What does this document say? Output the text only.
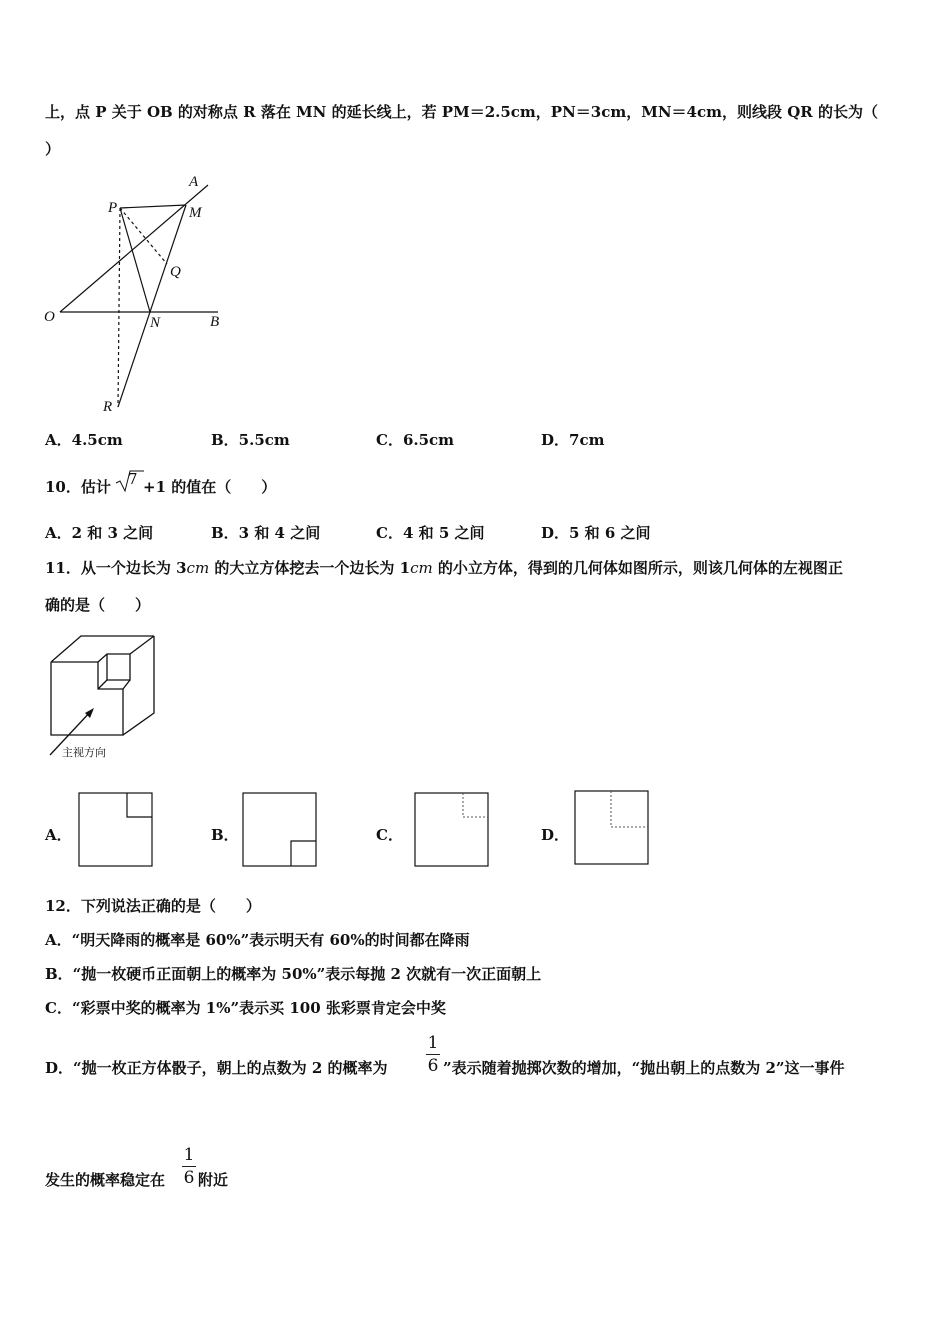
上，点 P 关于 OB 的对称点 R 落在 MN 的延长线上，若 PM＝2.5cm，PN＝3cm，MN＝4cm，则线段 QR 的长为（
）
A
P	M
Q
O	N	B
R
A．4.5cm	B．5.5cm	C．6.5cm	D．7cm
10．估计 7 +1 的值在（　　）
A．2 和 3 之间	B．3 和 4 之间	C．4 和 5 之间	D．5 和 6 之间
11．从一个边长为 3cm 的大立方体挖去一个边长为 1cm 的小立方体，得到的几何体如图所示，则该几何体的左视图正
确的是（　　）
主视方向
A．	B．	C．	D．
12．下列说法正确的是（　　）
A．“明天降雨的概率是 60%”表示明天有 60%的时间都在降雨
B．“抛一枚硬币正面朝上的概率为 50%”表示每抛 2 次就有一次正面朝上
C．“彩票中奖的概率为 1%”表示买 100 张彩票肯定会中奖
D．“抛一枚正方体骰子，朝上的点数为 2 的概率为
1
6 ”表示随着抛掷次数的增加，“抛出朝上的点数为 2”这一事件
发生的概率稳定在
1
6 附近
